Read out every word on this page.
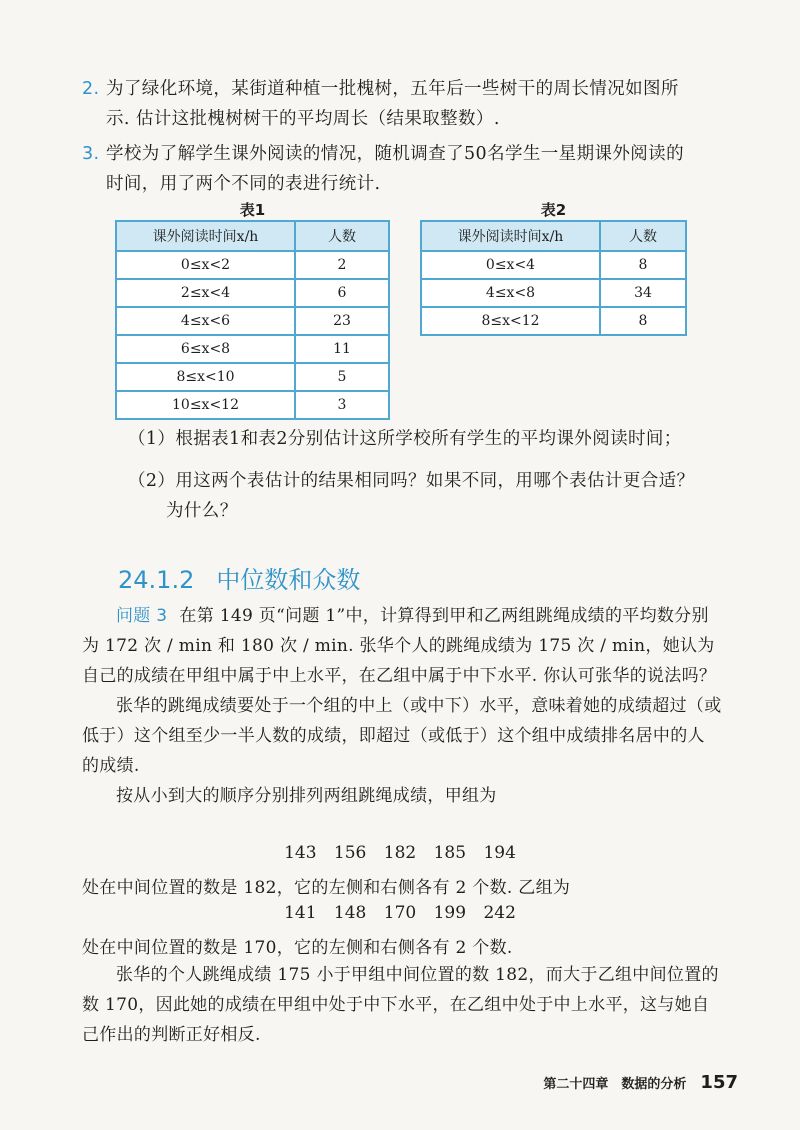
2. 为了绿化环境，某街道种植一批槐树，五年后一些树干的周长情况如图所
示. 估计这批槐树树干的平均周长（结果取整数）.
3. 学校为了解学生课外阅读的情况，随机调查了50名学生一星期课外阅读的
时间，用了两个不同的表进行统计.
表1	表2
课外阅读时间x/h	人数
0≤x<2	2
2≤x<4	6
4≤x<6	23
6≤x<8	11
8≤x<10	5
10≤x<12	3
课外阅读时间x/h	人数
0≤x<4	8
4≤x<8	34
8≤x<12	8
（1）根据表1和表2分别估计这所学校所有学生的平均课外阅读时间；
（2）用这两个表估计的结果相同吗？如果不同，用哪个表估计更合适？
为什么？
24.1.2 中位数和众数

问题 3 在第 149 页“问题 1”中，计算得到甲和乙两组跳绳成绩的平均数分别为 172 次 / min 和 180 次 / min. 张华个人的跳绳成绩为 175 次 / min，她认为自己的成绩在甲组中属于中上水平，在乙组中属于中下水平. 你认可张华的说法吗？

张华的跳绳成绩要处于一个组的中上（或中下）水平，意味着她的成绩超过（或低于）这个组至少一半人数的成绩，即超过（或低于）这个组中成绩排名居中的人的成绩.

按从小到大的顺序分别排列两组跳绳成绩，甲组为

143 156 182 185 194
处在中间位置的数是 182，它的左侧和右侧各有 2 个数. 乙组为
141 148 170 199 242
处在中间位置的数是 170，它的左侧和右侧各有 2 个数.

张华的个人跳绳成绩 175 小于甲组中间位置的数 182，而大于乙组中间位置的数 170，因此她的成绩在甲组中处于中下水平，在乙组中处于中上水平，这与她自己作出的判断正好相反.

第二十四章　数据的分析 157
